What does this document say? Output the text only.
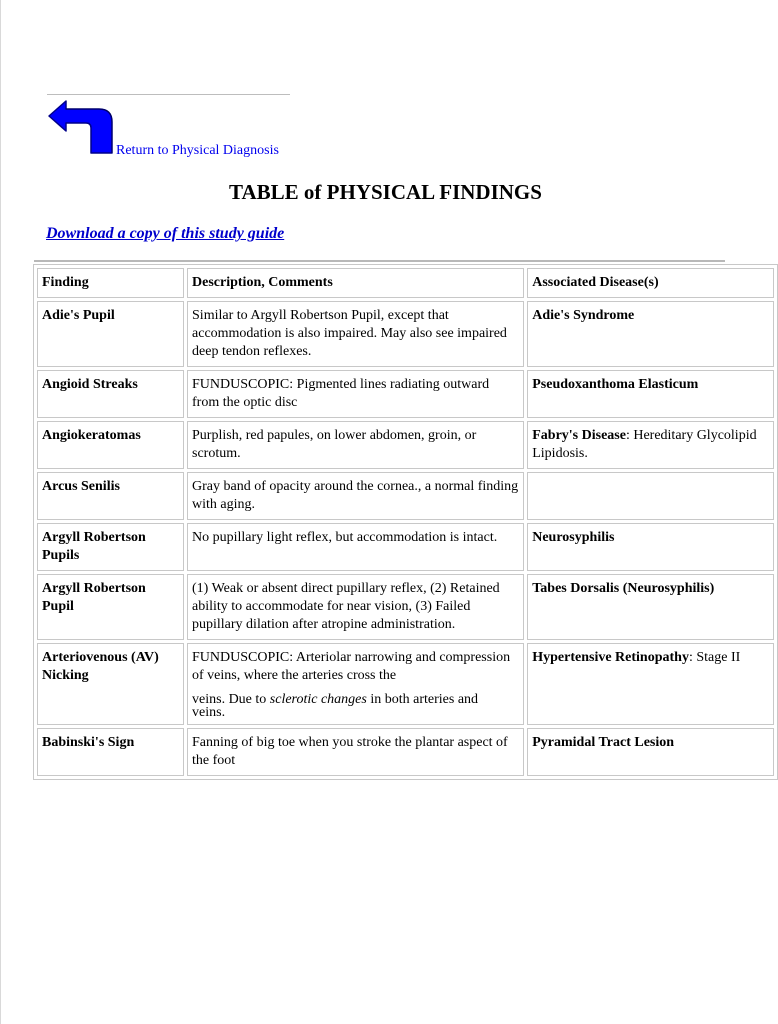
Return to Physical Diagnosis
TABLE of PHYSICAL FINDINGS
Download a copy of this study guide
Finding	Description, Comments	Associated Disease(s)
Adie's Pupil	Similar to Argyll Robertson Pupil, except that accommodation is also impaired. May also see impaired deep tendon reflexes.	Adie's Syndrome
Angioid Streaks	FUNDUSCOPIC: Pigmented lines radiating outward from the optic disc	Pseudoxanthoma Elasticum
Angiokeratomas	Purplish, red papules, on lower abdomen, groin, or scrotum.	Fabry's Disease: Hereditary Glycolipid Lipidosis.
Arcus Senilis	Gray band of opacity around the cornea., a normal finding with aging.	
Argyll Robertson Pupils	No pupillary light reflex, but accommodation is intact.	Neurosyphilis
Argyll Robertson Pupil	(1) Weak or absent direct pupillary reflex, (2) Retained ability to accommodate for near vision, (3) Failed pupillary dilation after atropine administration.	Tabes Dorsalis (Neurosyphilis)
Arteriovenous (AV) Nicking	FUNDUSCOPIC: Arteriolar narrowing and compression of veins, where the arteries cross the
veins. Due to sclerotic changes in both arteries and
veins.	Hypertensive Retinopathy: Stage II
Babinski's Sign	Fanning of big toe when you stroke the plantar aspect of the foot	Pyramidal Tract Lesion
